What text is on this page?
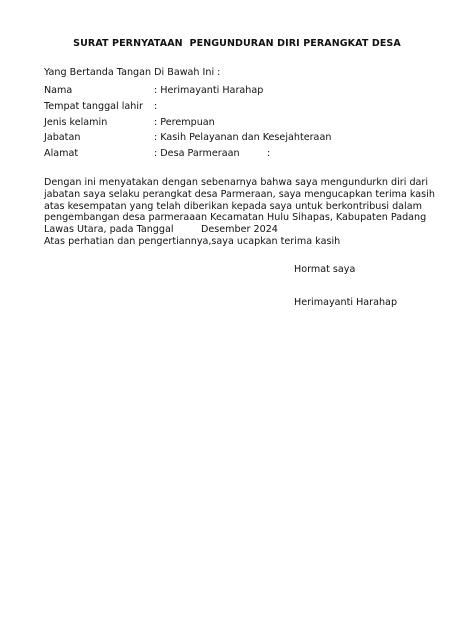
SURAT PERNYATAAN  PENGUNDURAN DIRI PERANGKAT DESA
Yang Bertanda Tangan Di Bawah Ini :
Nama	: Herimayanti Harahap
Tempat tanggal lahir :
Jenis kelamin	: Perempuan
Jabatan	: Kasih Pelayanan dan Kesejahteraan
Alamat	: Desa Parmeraan         :
Dengan ini menyatakan dengan sebenarnya bahwa saya mengundurkn diri dari
jabatan saya selaku perangkat desa Parmeraan, saya mengucapkan terima kasih
atas kesempatan yang telah diberikan kepada saya untuk berkontribusi dalam
pengembangan desa parmeraaan Kecamatan Hulu Sihapas, Kabupaten Padang
Lawas Utara, pada Tanggal         Desember 2024
Atas perhatian dan pengertiannya,saya ucapkan terima kasih
Hormat saya
Herimayanti Harahap
